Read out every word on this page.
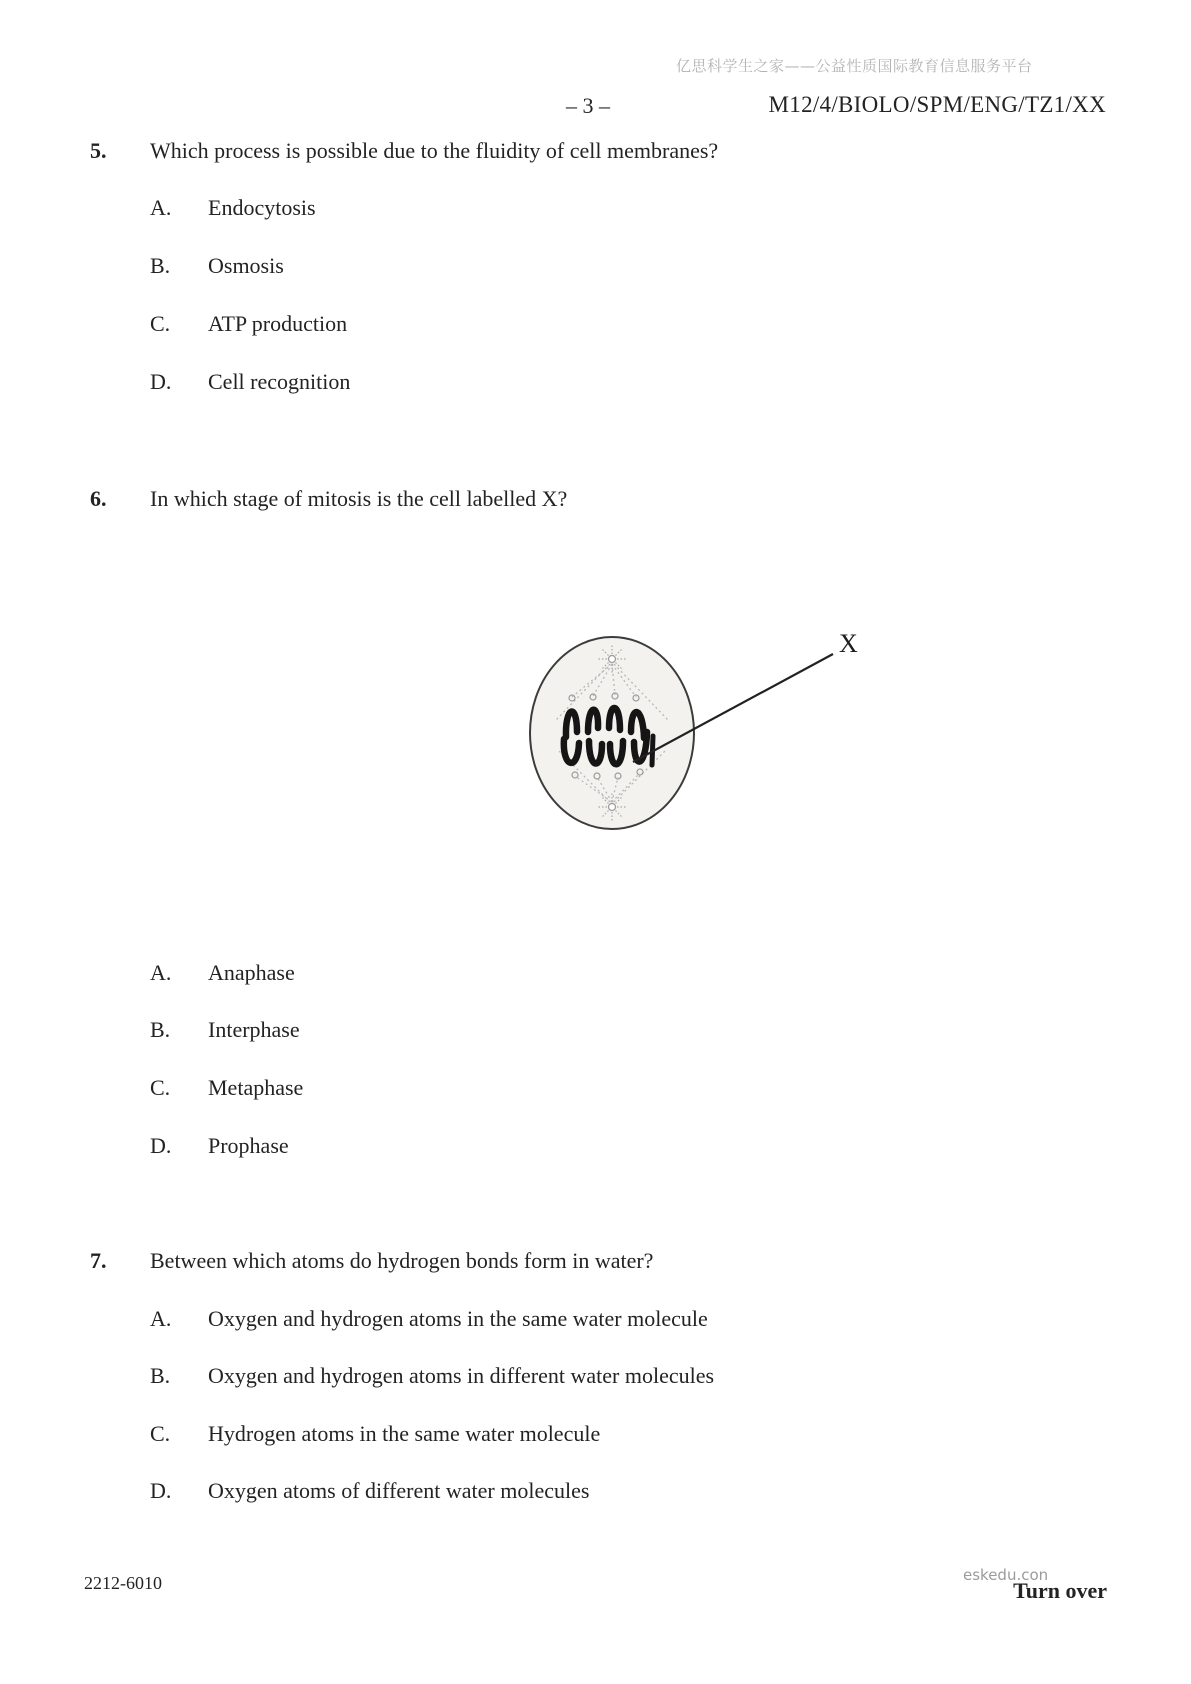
亿思科学生之家——公益性质国际教育信息服务平台
– 3 –	M12/4/BIOLO/SPM/ENG/TZ1/XX
5. Which process is possible due to the fluidity of cell membranes?
A. Endocytosis
B. Osmosis
C. ATP production
D. Cell recognition
6. In which stage of mitosis is the cell labelled X?
X
A. Anaphase
B. Interphase
C. Metaphase
D. Prophase
7. Between which atoms do hydrogen bonds form in water?
A. Oxygen and hydrogen atoms in the same water molecule
B. Oxygen and hydrogen atoms in different water molecules
C. Hydrogen atoms in the same water molecule
D. Oxygen atoms of different water molecules
2212-6010	eskedu.con
Turn over
